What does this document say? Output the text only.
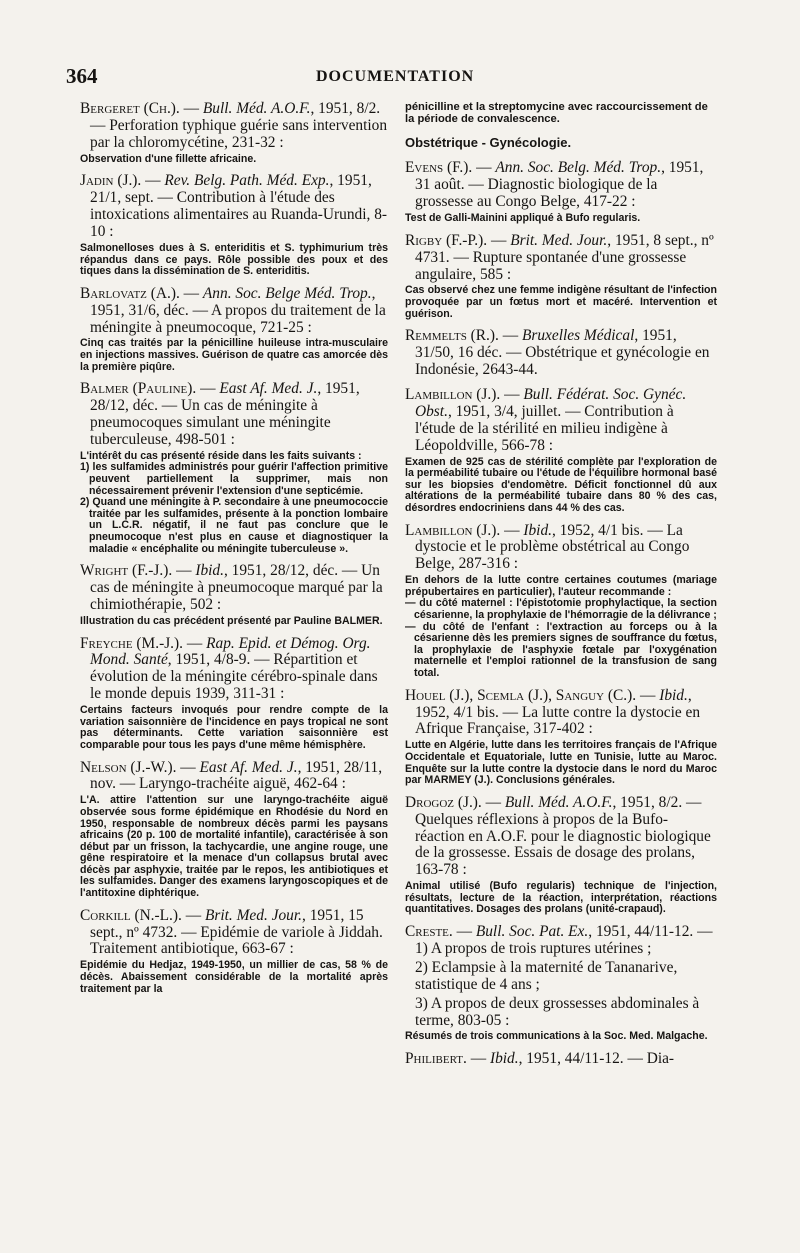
364	DOCUMENTATION
Bergeret (Ch.). — Bull. Méd. A.O.F., 1951, 8/2. — Perforation typhique guérie sans intervention par la chloromycétine, 231-32 :

Observation d'une fillette africaine.

Jadin (J.). — Rev. Belg. Path. Méd. Exp., 1951, 21/1, sept. — Contribution à l'étude des intoxications alimentaires au Ruanda-Urundi, 8-10 :

Salmonelloses dues à S. enteriditis et S. typhimurium très répandus dans ce pays. Rôle possible des poux et des tiques dans la dissémination de S. enteriditis.

Barlovatz (A.). — Ann. Soc. Belge Méd. Trop., 1951, 31/6, déc. — A propos du traitement de la méningite à pneumocoque, 721-25 :

Cinq cas traités par la pénicilline huileuse intra-musculaire en injections massives. Guérison de quatre cas amorcée dès la première piqûre.

Balmer (Pauline). — East Af. Med. J., 1951, 28/12, déc. — Un cas de méningite à pneumocoques simulant une méningite tuberculeuse, 498-501 :

L'intérêt du cas présenté réside dans les faits suivants :

1) les sulfamides administrés pour guérir l'affection primitive peuvent partiellement la supprimer, mais non nécessairement prévenir l'extension d'une septicémie.

2) Quand une méningite à P. secondaire à une pneumococcie traitée par les sulfamides, présente à la ponction lombaire un L.C.R. négatif, il ne faut pas conclure que le pneumocoque n'est plus en cause et diagnostiquer la maladie « encéphalite ou méningite tuberculeuse ».

Wright (F.-J.). — Ibid., 1951, 28/12, déc. — Un cas de méningite à pneumocoque marqué par la chimiothérapie, 502 :

Illustration du cas précédent présenté par Pauline BALMER.

Freyche (M.-J.). — Rap. Epid. et Démog. Org. Mond. Santé, 1951, 4/8-9. — Répartition et évolution de la méningite cérébro-spinale dans le monde depuis 1939, 311-31 :

Certains facteurs invoqués pour rendre compte de la variation saisonnière de l'incidence en pays tropical ne sont pas déterminants. Cette variation saisonnière est comparable pour tous les pays d'une même hémisphère.

Nelson (J.-W.). — East Af. Med. J., 1951, 28/11, nov. — Laryngo-trachéite aiguë, 462-64 :

L'A. attire l'attention sur une laryngo-trachéite aiguë observée sous forme épidémique en Rhodésie du Nord en 1950, responsable de nombreux décès parmi les paysans africains (20 p. 100 de mortalité infantile), caractérisée à son début par un frisson, la tachycardie, une angine rouge, une gêne respiratoire et la menace d'un collapsus brutal avec décès par asphyxie, traitée par le repos, les antibiotiques et les sulfamides. Danger des examens laryngoscopiques et de l'antitoxine diphtérique.

Corkill (N.-L.). — Brit. Med. Jour., 1951, 15 sept., nº 4732. — Epidémie de variole à Jiddah. Traitement antibiotique, 663-67 :

Epidémie du Hedjaz, 1949-1950, un millier de cas, 58 % de décès. Abaissement considérable de la mortalité après traitement par la

pénicilline et la streptomycine avec raccourcissement de la période de convalescence.
Obstétrique - Gynécologie.
Evens (F.). — Ann. Soc. Belg. Méd. Trop., 1951, 31 août. — Diagnostic biologique de la grossesse au Congo Belge, 417-22 :

Test de Galli-Mainini appliqué à Bufo regularis.

Rigby (F.-P.). — Brit. Med. Jour., 1951, 8 sept., nº 4731. — Rupture spontanée d'une grossesse angulaire, 585 :

Cas observé chez une femme indigène résultant de l'infection provoquée par un fœtus mort et macéré. Intervention et guérison.

Remmelts (R.). — Bruxelles Médical, 1951, 31/50, 16 déc. — Obstétrique et gynécologie en Indonésie, 2643-44.
Lambillon (J.). — Bull. Fédérat. Soc. Gynéc. Obst., 1951, 3/4, juillet. — Contribution à l'étude de la stérilité en milieu indigène à Léopoldville, 566-78 :

Examen de 925 cas de stérilité complète par l'exploration de la perméabilité tubaire ou l'étude de l'équilibre hormonal basé sur les biopsies d'endomètre. Déficit fonctionnel dû aux altérations de la perméabilité tubaire dans 80 % des cas, désordres endocriniens dans 44 % des cas.

Lambillon (J.). — Ibid., 1952, 4/1 bis. — La dystocie et le problème obstétrical au Congo Belge, 287-316 :

En dehors de la lutte contre certaines coutumes (mariage prépubertaires en particulier), l'auteur recommande :

— du côté maternel : l'épistotomie prophylactique, la section césarienne, la prophylaxie de l'hémorragie de la délivrance ;

— du côté de l'enfant : l'extraction au forceps ou à la césarienne dès les premiers signes de souffrance du fœtus, la prophylaxie de l'asphyxie fœtale par l'oxygénation maternelle et l'emploi rationnel de la transfusion de sang total.

Houel (J.), Scemla (J.), Sanguy (C.). — Ibid., 1952, 4/1 bis. — La lutte contre la dystocie en Afrique Française, 317-402 :

Lutte en Algérie, lutte dans les territoires français de l'Afrique Occidentale et Equatoriale, lutte en Tunisie, lutte au Maroc. Enquête sur la lutte contre la dystocie dans le nord du Maroc par MARMEY (J.). Conclusions générales.

Drogoz (J.). — Bull. Méd. A.O.F., 1951, 8/2. — Quelques réflexions à propos de la Bufo-réaction en A.O.F. pour le diagnostic biologique de la grossesse. Essais de dosage des prolans, 163-78 :

Animal utilisé (Bufo regularis) technique de l'injection, résultats, lecture de la réaction, interprétation, réactions quantitatives. Dosages des prolans (unité-crapaud).

Creste. — Bull. Soc. Pat. Ex., 1951, 44/11-12. — 1) A propos de trois ruptures utérines ;
2) Eclampsie à la maternité de Tananarive, statistique de 4 ans ;
3) A propos de deux grossesses abdominales à terme, 803-05 :

Résumés de trois communications à la Soc. Med. Malgache.

Philibert. — Ibid., 1951, 44/11-12. — Dia-
